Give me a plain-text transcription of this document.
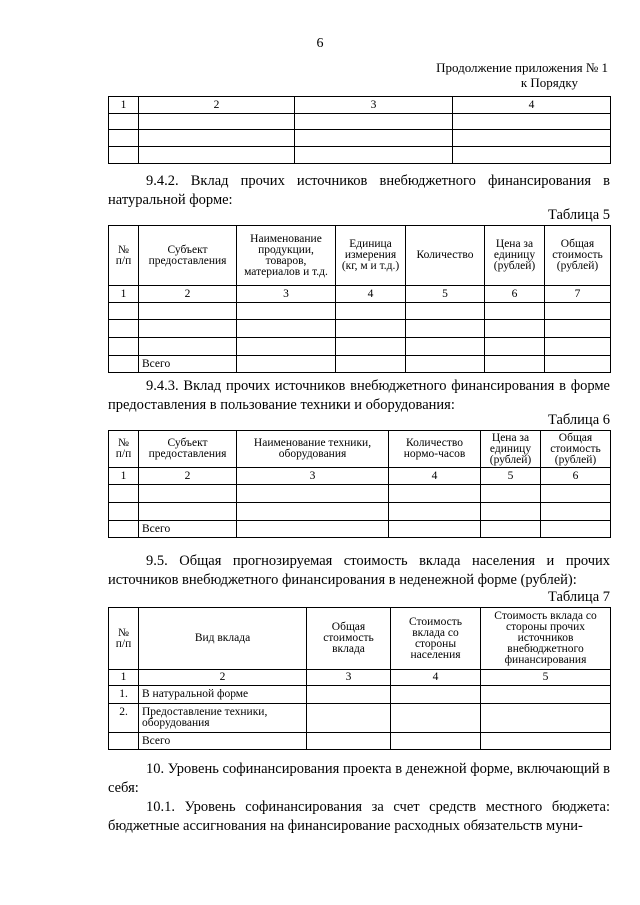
6
Продолжение приложения № 1
к Порядку
1	2	3	4

9.4.2. Вклад прочих источников внебюджетного финансирования в натуральной форме:
Таблица 5
№ п/п	Субъект предоставления	Наименование продукции, товаров, материалов и т.д.	Единица измерения (кг, м и т.д.)	Количество	Цена за единицу (рублей)	Общая стоимость (рублей)
1	2	3	4	5	6	7

	Всего					
9.4.3. Вклад прочих источников внебюджетного финансирования в форме предоставления в пользование техники и оборудования:
Таблица 6
№ п/п	Субъект предоставления	Наименование техники, оборудования	Количество нормо-часов	Цена за единицу (рублей)	Общая стоимость (рублей)
1	2	3	4	5	6

	Всего				
9.5. Общая прогнозируемая стоимость вклада населения и прочих источников внебюджетного финансирования в неденежной форме (рублей):
Таблица 7
№ п/п	Вид вклада	Общая стоимость вклада	Стоимость вклада со стороны населения	Стоимость вклада со стороны прочих источников внебюджетного финансирования
1	2	3	4	5
1.	В натуральной форме			
2.	Предоставление техники, оборудования			
	Всего			
10. Уровень софинансирования проекта в денежной форме, включающий в себя:
10.1. Уровень софинансирования за счет средств местного бюджета: бюджетные ассигнования на финансирование расходных обязательств муни-
